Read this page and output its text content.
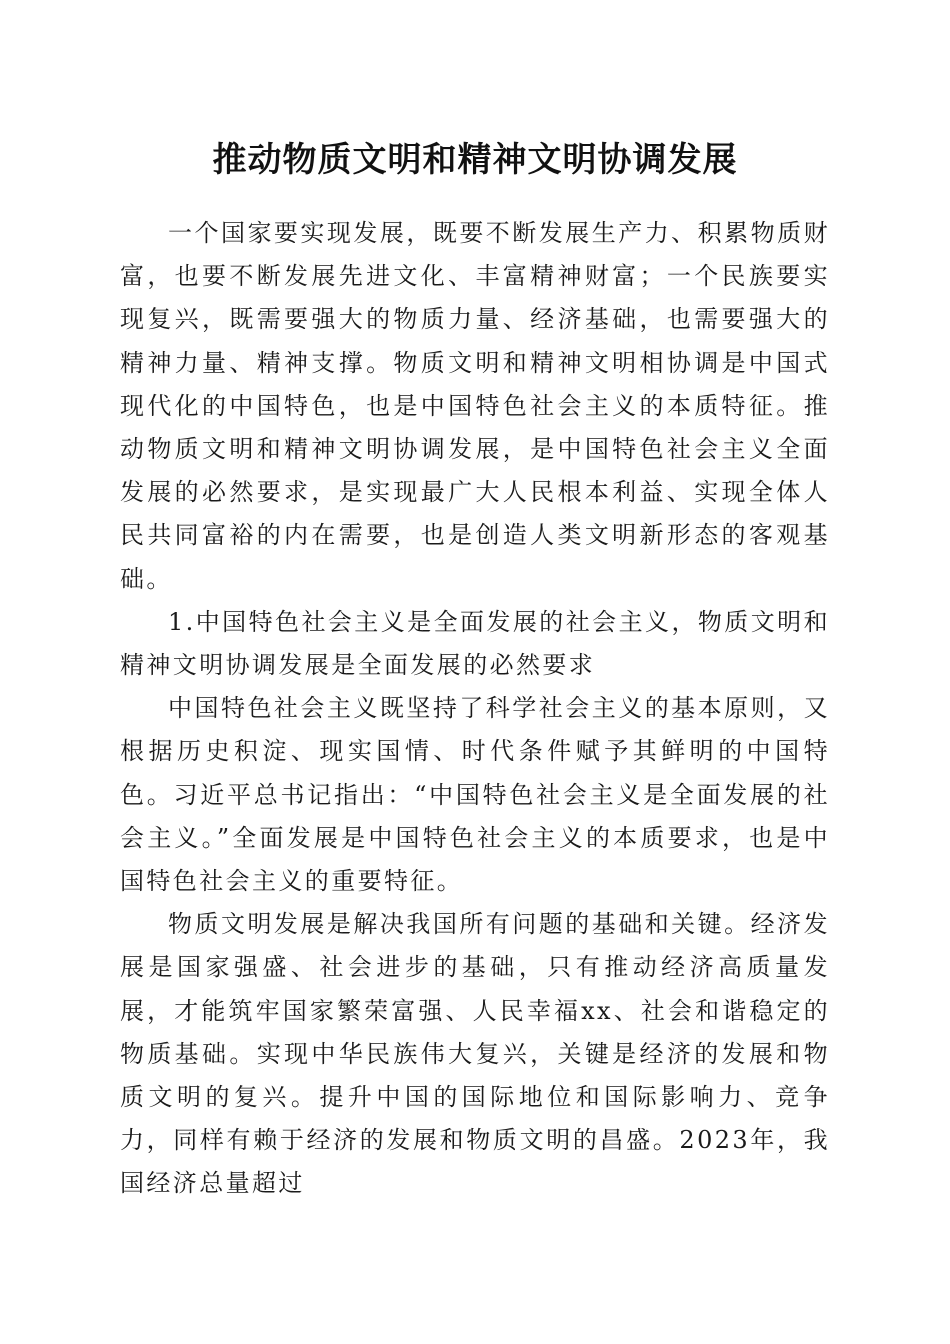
推动物质文明和精神文明协调发展

一个国家要实现发展，既要不断发展生产力、积累物质财富，也要不断发展先进文化、丰富精神财富；一个民族要实现复兴，既需要强大的物质力量、经济基础，也需要强大的精神力量、精神支撑。物质文明和精神文明相协调是中国式现代化的中国特色，也是中国特色社会主义的本质特征。推动物质文明和精神文明协调发展，是中国特色社会主义全面发展的必然要求，是实现最广大人民根本利益、实现全体人民共同富裕的内在需要，也是创造人类文明新形态的客观基础。

1.中国特色社会主义是全面发展的社会主义，物质文明和精神文明协调发展是全面发展的必然要求

中国特色社会主义既坚持了科学社会主义的基本原则，又根据历史积淀、现实国情、时代条件赋予其鲜明的中国特色。习近平总书记指出：“中国特色社会主义是全面发展的社会主义。”全面发展是中国特色社会主义的本质要求，也是中国特色社会主义的重要特征。

物质文明发展是解决我国所有问题的基础和关键。经济发展是国家强盛、社会进步的基础，只有推动经济高质量发展，才能筑牢国家繁荣富强、人民幸福xx、社会和谐稳定的物质基础。实现中华民族伟大复兴，关键是经济的发展和物质文明的复兴。提升中国的国际地位和国际影响力、竞争力，同样有赖于经济的发展和物质文明的昌盛。2023年，我国经济总量超过
